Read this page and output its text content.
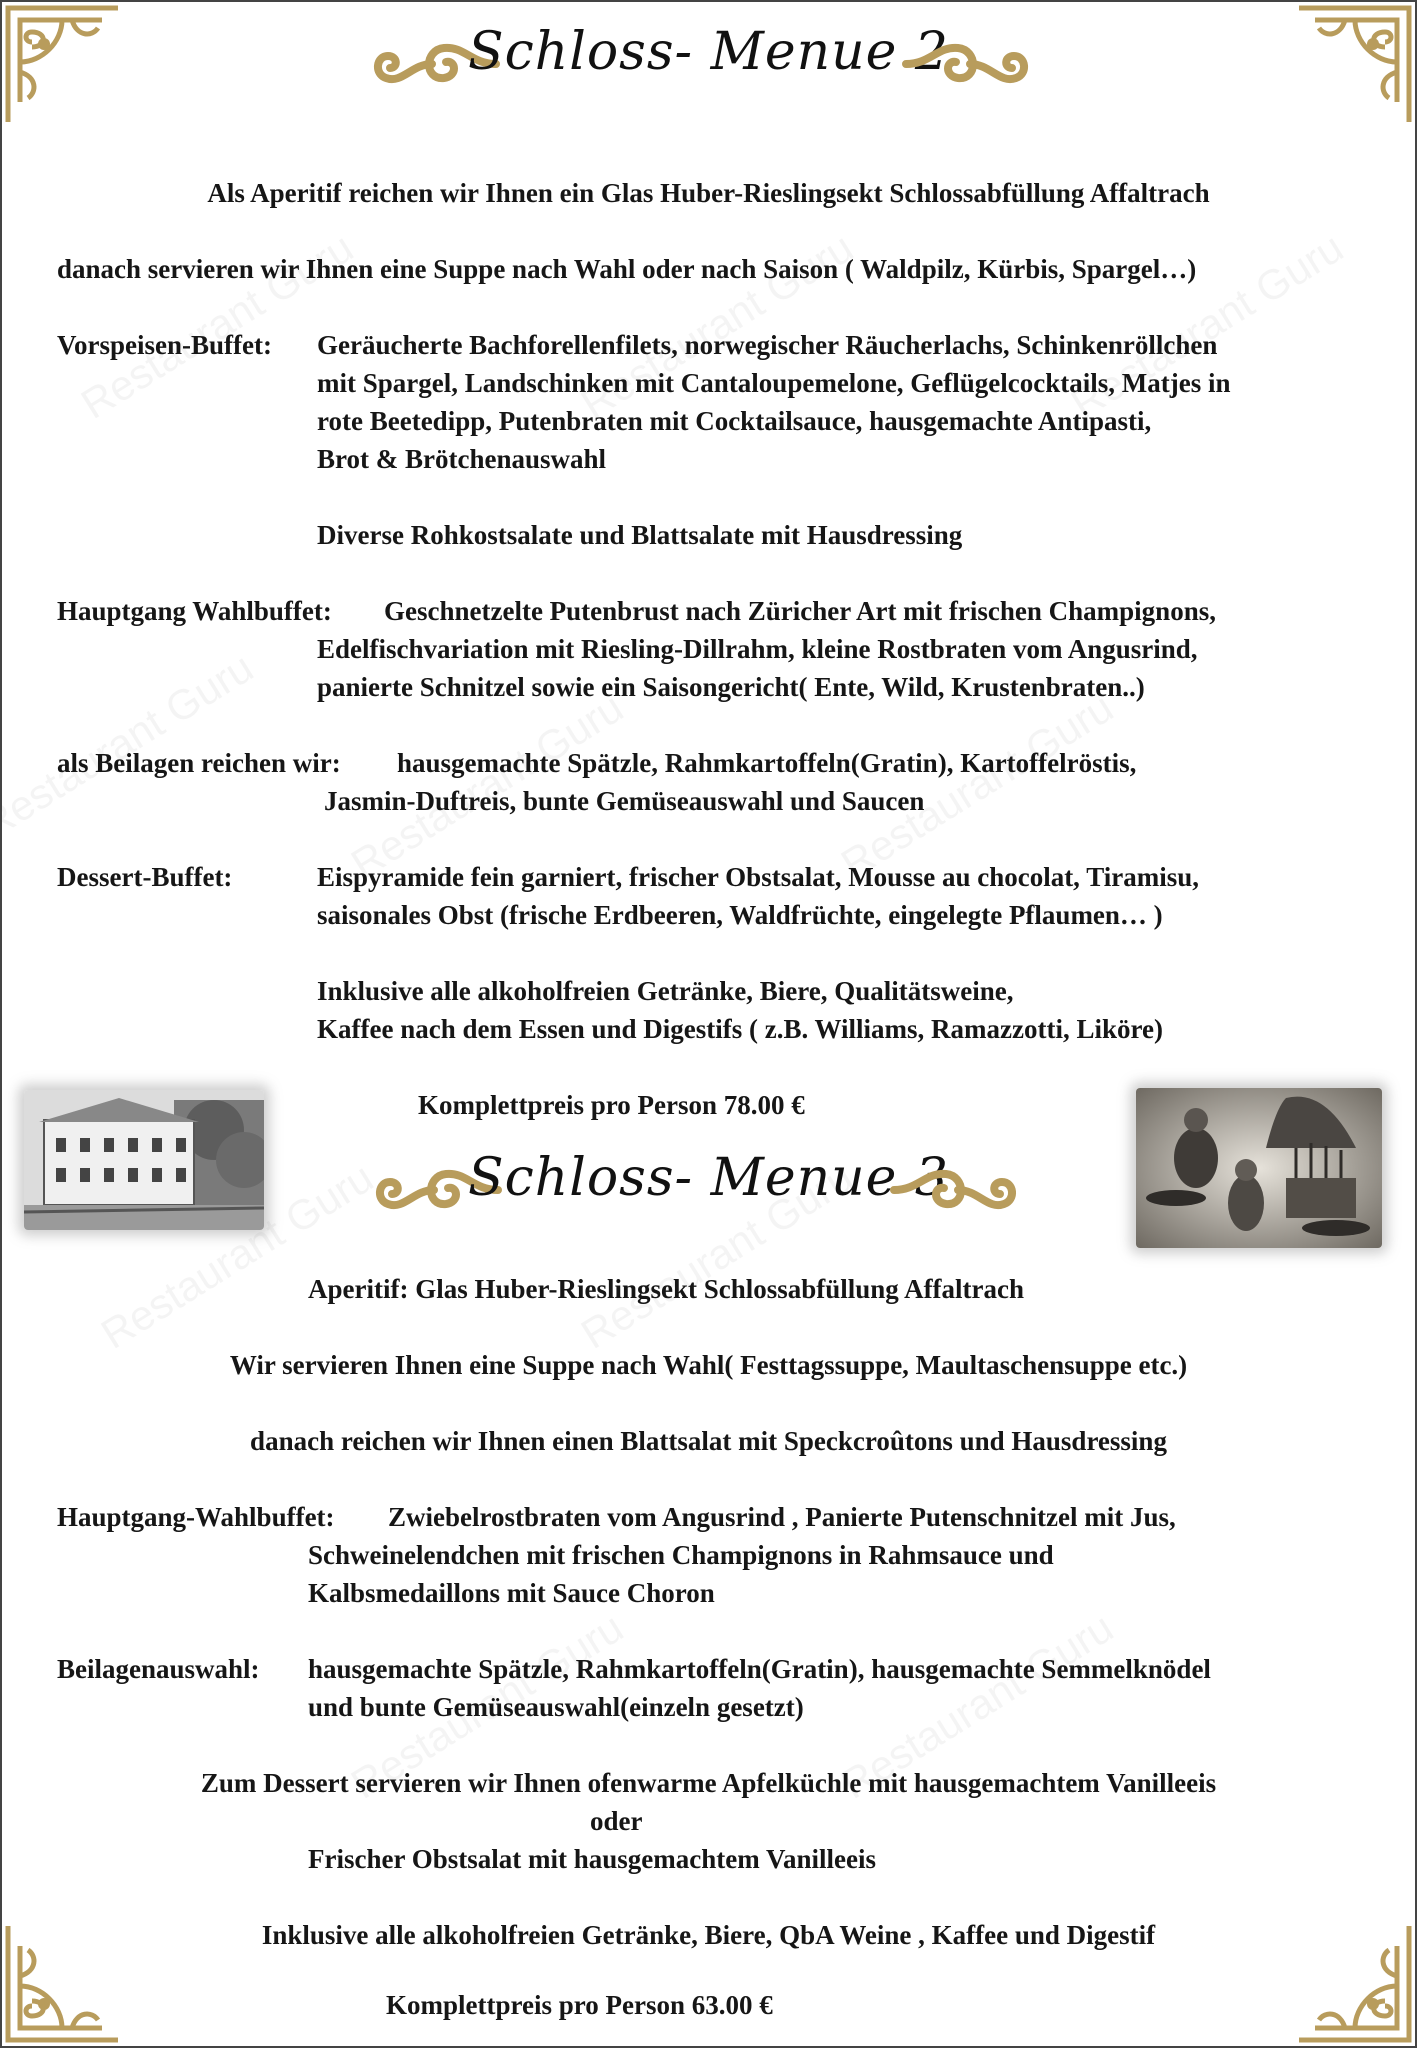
Schloss- Menue 2
Als Aperitif reichen wir Ihnen ein Glas Huber-Rieslingsekt Schlossabfüllung Affaltrach
danach servieren wir Ihnen eine Suppe nach Wahl oder nach Saison ( Waldpilz, Kürbis, Spargel…)
Vorspeisen-Buffet: Geräucherte Bachforellenfilets, norwegischer Räucherlachs, Schinkenröllchen
mit Spargel, Landschinken mit Cantaloupemelone, Geflügelcocktails, Matjes in
rote Beetedipp, Putenbraten mit Cocktailsauce, hausgemachte Antipasti,
Brot & Brötchenauswahl
Diverse Rohkostsalate und Blattsalate mit Hausdressing
Hauptgang Wahlbuffet: Geschnetzelte Putenbrust nach Züricher Art mit frischen Champignons,
Edelfischvariation mit Riesling-Dillrahm, kleine Rostbraten vom Angusrind,
panierte Schnitzel sowie ein Saisongericht( Ente, Wild, Krustenbraten..)
als Beilagen reichen wir: hausgemachte Spätzle, Rahmkartoffeln(Gratin), Kartoffelröstis,
Jasmin-Duftreis, bunte Gemüseauswahl und Saucen
Dessert-Buffet:	Eispyramide fein garniert, frischer Obstsalat, Mousse au chocolat, Tiramisu,
saisonales Obst (frische Erdbeeren, Waldfrüchte, eingelegte Pflaumen… )
Inklusive alle alkoholfreien Getränke, Biere, Qualitätsweine,
Kaffee nach dem Essen und Digestifs ( z.B. Williams, Ramazzotti, Liköre)
Komplettpreis pro Person 78.00 €
Schloss- Menue 3
Aperitif: Glas Huber-Rieslingsekt Schlossabfüllung Affaltrach
Wir servieren Ihnen eine Suppe nach Wahl( Festtagssuppe, Maultaschensuppe etc.)
danach reichen wir Ihnen einen Blattsalat mit Speckcroûtons und Hausdressing
Hauptgang-Wahlbuffet: Zwiebelrostbraten vom Angusrind , Panierte Putenschnitzel mit Jus,
Schweinelendchen mit frischen Champignons in Rahmsauce und
Kalbsmedaillons mit Sauce Choron
Beilagenauswahl: hausgemachte Spätzle, Rahmkartoffeln(Gratin), hausgemachte Semmelknödel
und bunte Gemüseauswahl(einzeln gesetzt)
Zum Dessert servieren wir Ihnen ofenwarme Apfelküchle mit hausgemachtem Vanilleeis
oder
Frischer Obstsalat mit hausgemachtem Vanilleeis
Inklusive alle alkoholfreien Getränke, Biere, QbA Weine , Kaffee und Digestif
Komplettpreis pro Person 63.00 €
